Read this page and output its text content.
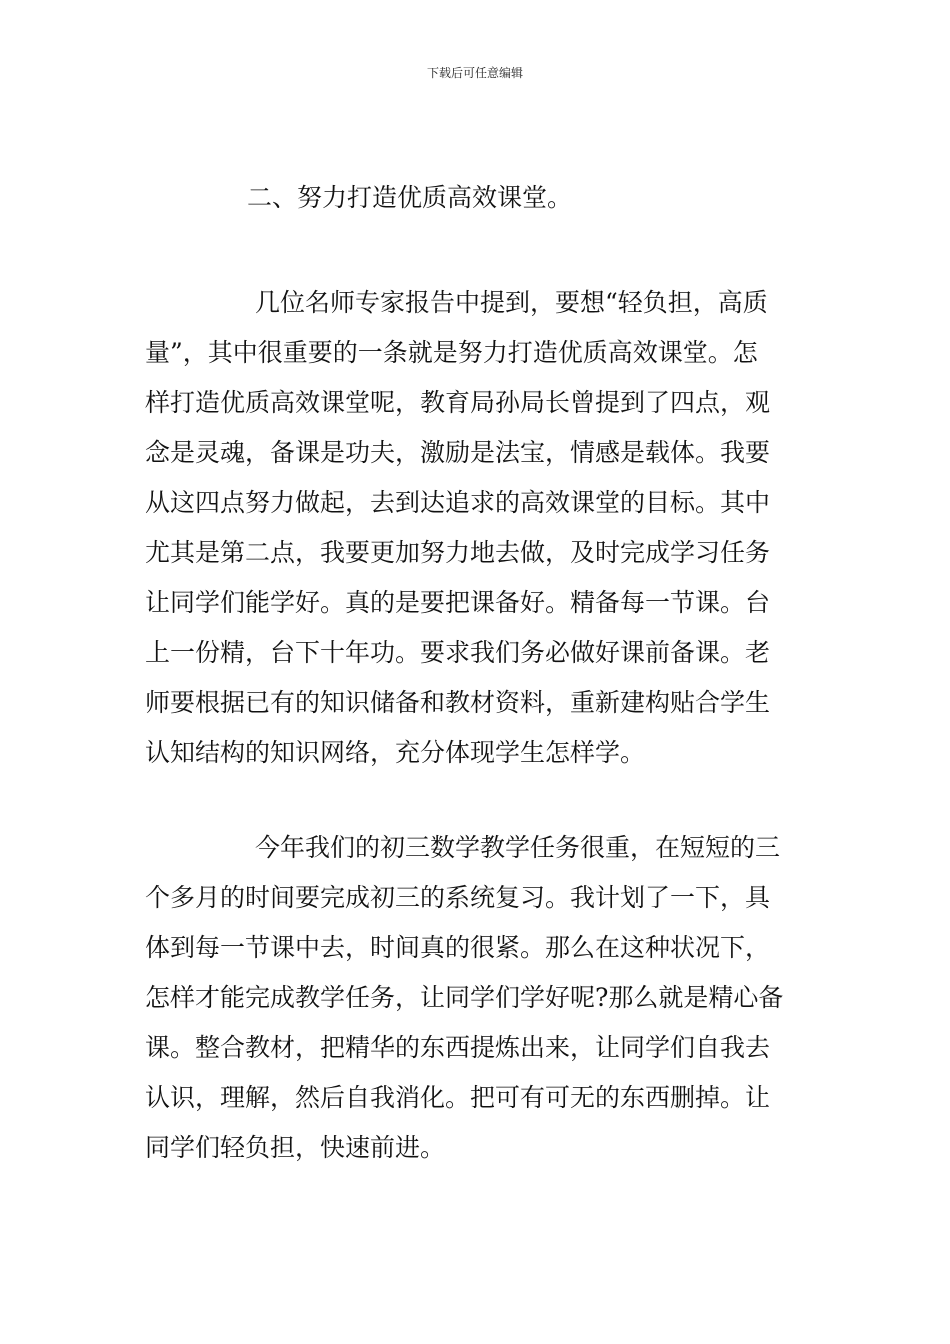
下载后可任意编辑
二、努力打造优质高效课堂。
几位名师专家报告中提到，要想“轻负担，高质
量”，其中很重要的一条就是努力打造优质高效课堂。怎
样打造优质高效课堂呢，教育局孙局长曾提到了四点，观
念是灵魂，备课是功夫，激励是法宝，情感是载体。我要
从这四点努力做起，去到达追求的高效课堂的目标。其中
尤其是第二点，我要更加努力地去做，及时完成学习任务
让同学们能学好。真的是要把课备好。精备每一节课。台
上一份精，台下十年功。要求我们务必做好课前备课。老
师要根据已有的知识储备和教材资料，重新建构贴合学生
认知结构的知识网络，充分体现学生怎样学。
今年我们的初三数学教学任务很重，在短短的三
个多月的时间要完成初三的系统复习。我计划了一下，具
体到每一节课中去，时间真的很紧。那么在这种状况下，
怎样才能完成教学任务，让同学们学好呢?那么就是精心备
课。整合教材，把精华的东西提炼出来，让同学们自我去
认识，理解，然后自我消化。把可有可无的东西删掉。让
同学们轻负担，快速前进。
